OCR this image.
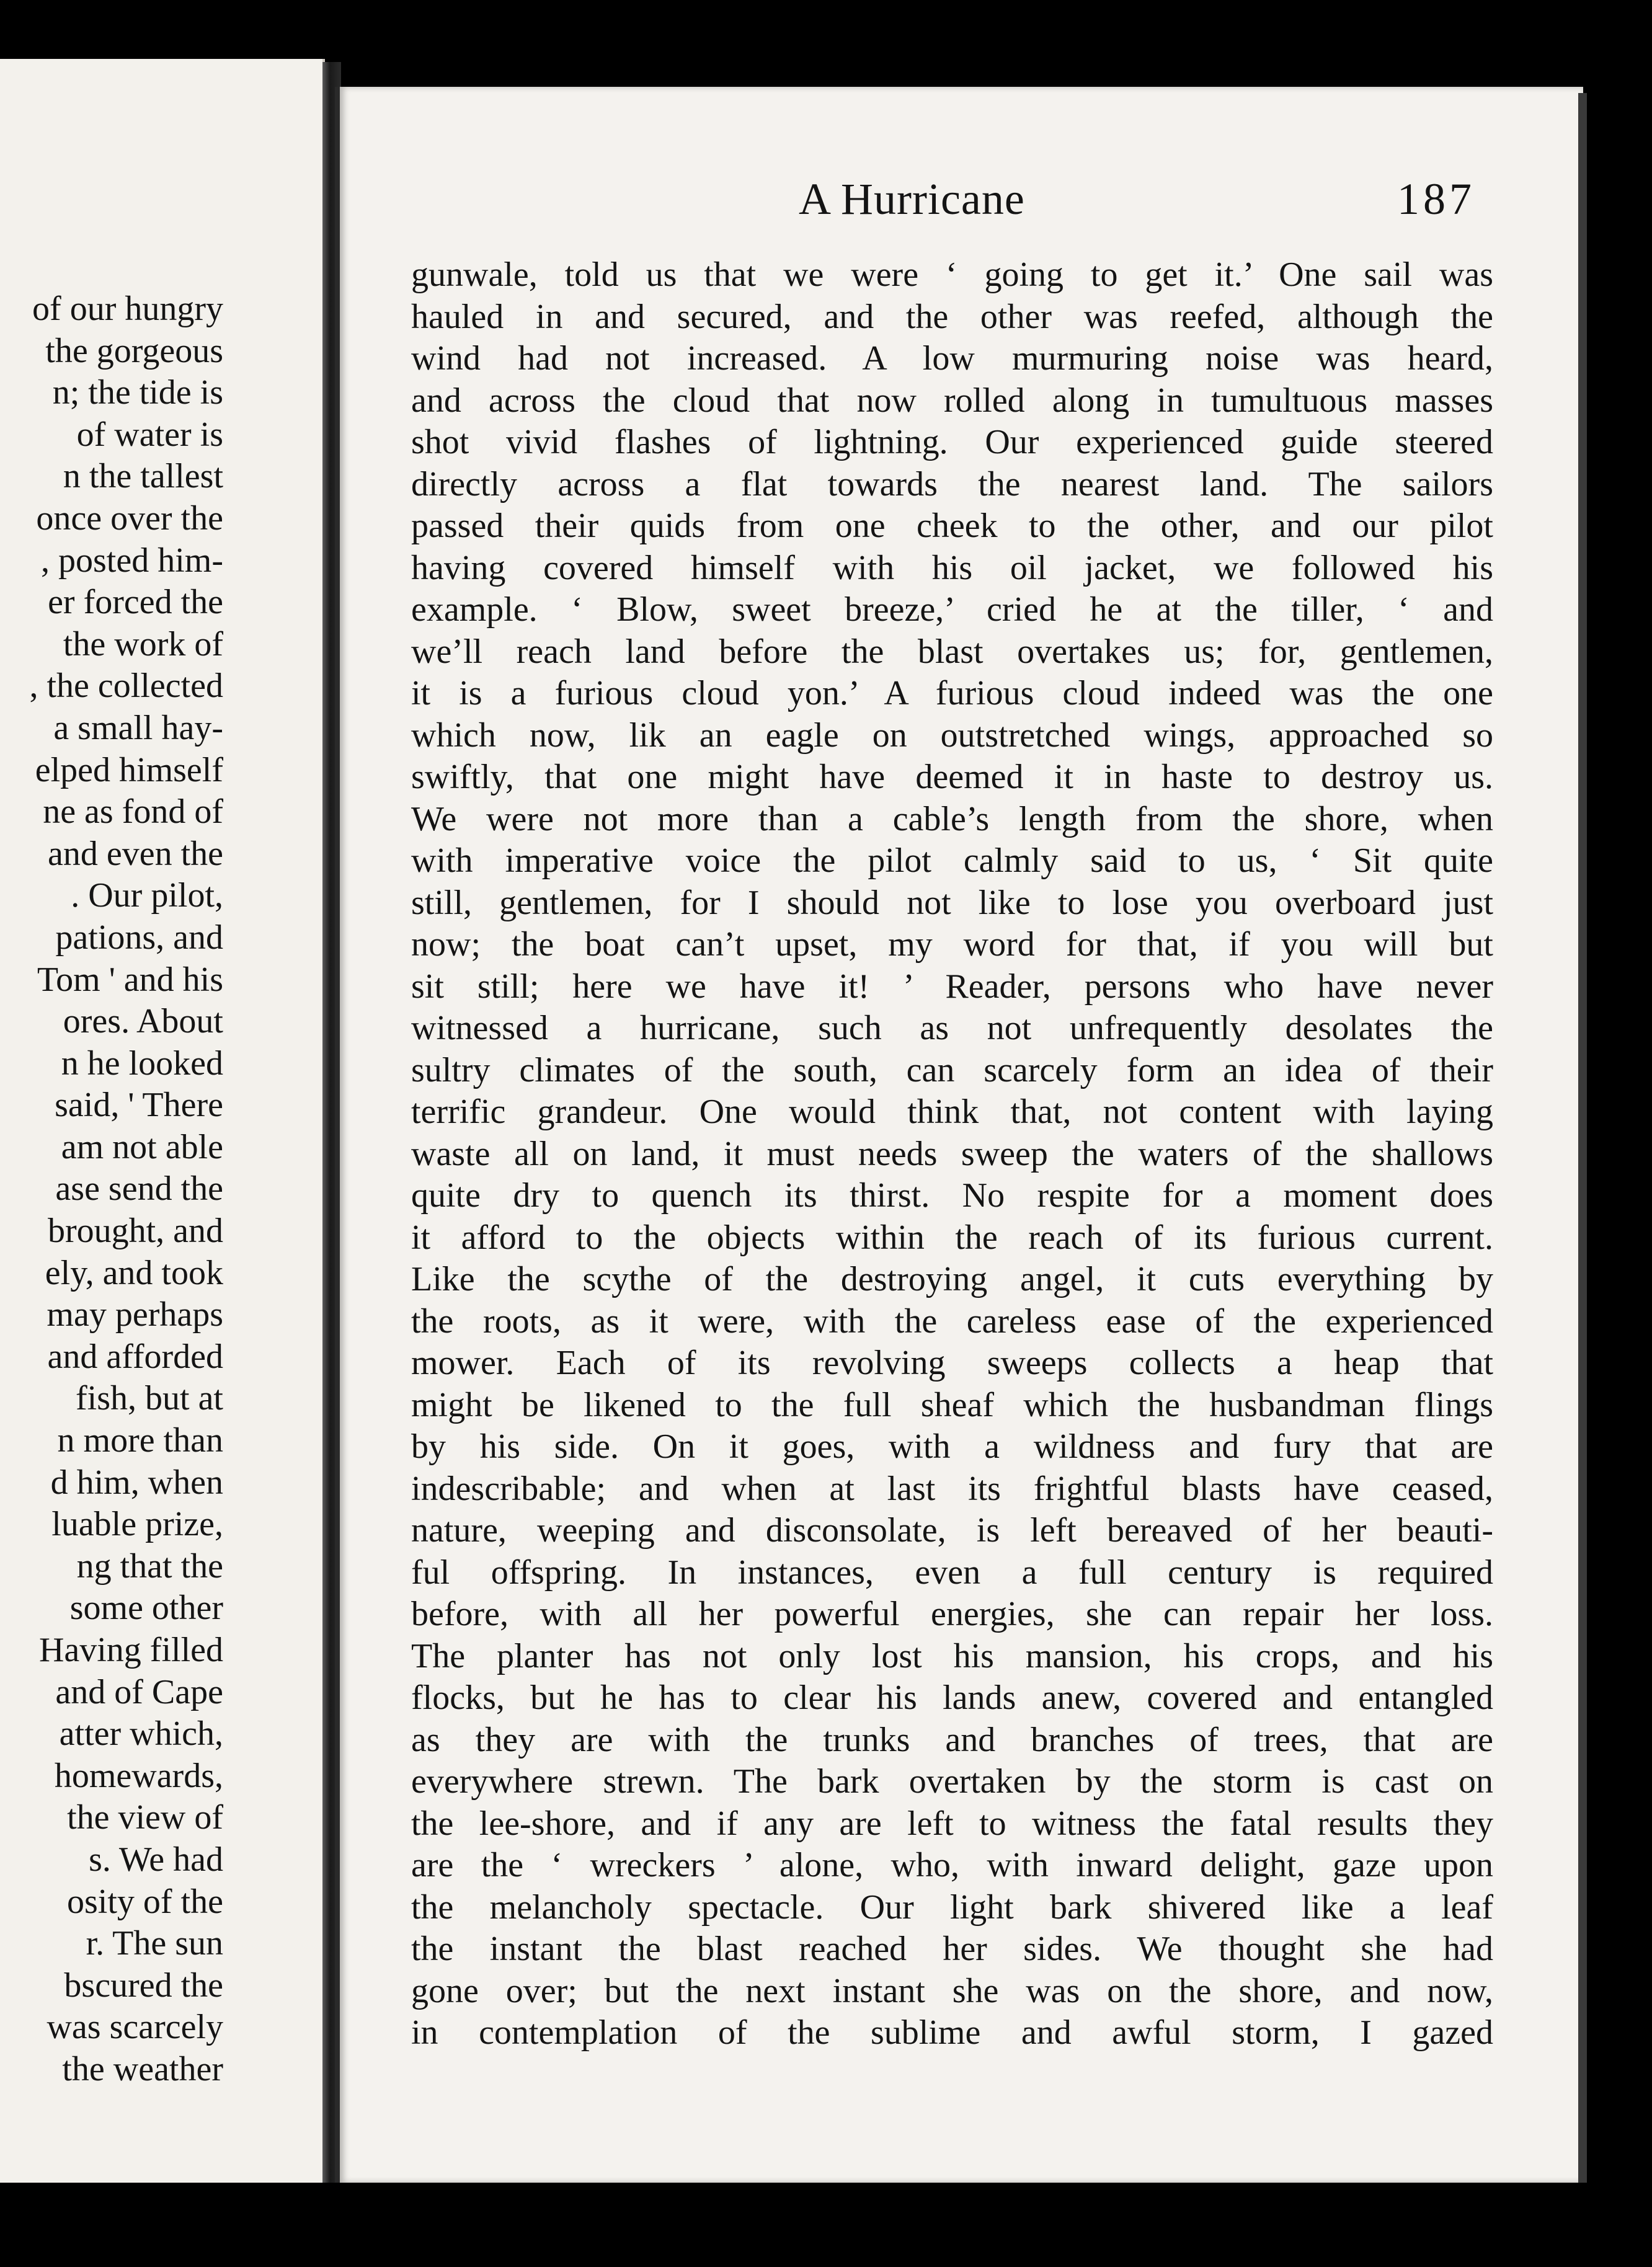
of our hungry
the gorgeous
n; the tide is
of water is
n the tallest
once over the
, posted him-
er forced the
the work of
, the collected
a small hay-
elped himself
ne as fond of
and even the
. Our pilot,
pations, and
Tom ' and his
ores. About
n he looked
said, ' There
am not able
ase send the
brought, and
ely, and took
may perhaps
and afforded
fish, but at
n more than
d him, when
luable prize,
ng that the
some other
Having filled
and of Cape
atter which,
homewards,
the view of
s. We had
osity of the
r. The sun
bscured the
was scarcely
the weather
A Hurricane	187
gunwale, told us that we were ‘ going to get it.’ One sail was
hauled in and secured, and the other was reefed, although the
wind had not increased. A low murmuring noise was heard,
and across the cloud that now rolled along in tumultuous masses
shot vivid flashes of lightning. Our experienced guide steered
directly across a flat towards the nearest land. The sailors
passed their quids from one cheek to the other, and our pilot
having covered himself with his oil jacket, we followed his
example. ‘ Blow, sweet breeze,’ cried he at the tiller, ‘ and
we’ll reach land before the blast overtakes us; for, gentlemen,
it is a furious cloud yon.’ A furious cloud indeed was the one
which now, lik an eagle on outstretched wings, approached so
swiftly, that one might have deemed it in haste to destroy us.
We were not more than a cable’s length from the shore, when
with imperative voice the pilot calmly said to us, ‘ Sit quite
still, gentlemen, for I should not like to lose you overboard just
now; the boat can’t upset, my word for that, if you will but
sit still; here we have it! ’ Reader, persons who have never
witnessed a hurricane, such as not unfrequently desolates the
sultry climates of the south, can scarcely form an idea of their
terrific grandeur. One would think that, not content with laying
waste all on land, it must needs sweep the waters of the shallows
quite dry to quench its thirst. No respite for a moment does
it afford to the objects within the reach of its furious current.
Like the scythe of the destroying angel, it cuts everything by
the roots, as it were, with the careless ease of the experienced
mower. Each of its revolving sweeps collects a heap that
might be likened to the full sheaf which the husbandman flings
by his side. On it goes, with a wildness and fury that are
indescribable; and when at last its frightful blasts have ceased,
nature, weeping and disconsolate, is left bereaved of her beauti-
ful offspring. In instances, even a full century is required
before, with all her powerful energies, she can repair her loss.
The planter has not only lost his mansion, his crops, and his
flocks, but he has to clear his lands anew, covered and entangled
as they are with the trunks and branches of trees, that are
everywhere strewn. The bark overtaken by the storm is cast on
the lee-shore, and if any are left to witness the fatal results they
are the ‘ wreckers ’ alone, who, with inward delight, gaze upon
the melancholy spectacle. Our light bark shivered like a leaf
the instant the blast reached her sides. We thought she had
gone over; but the next instant she was on the shore, and now,
in contemplation of the sublime and awful storm, I gazed
